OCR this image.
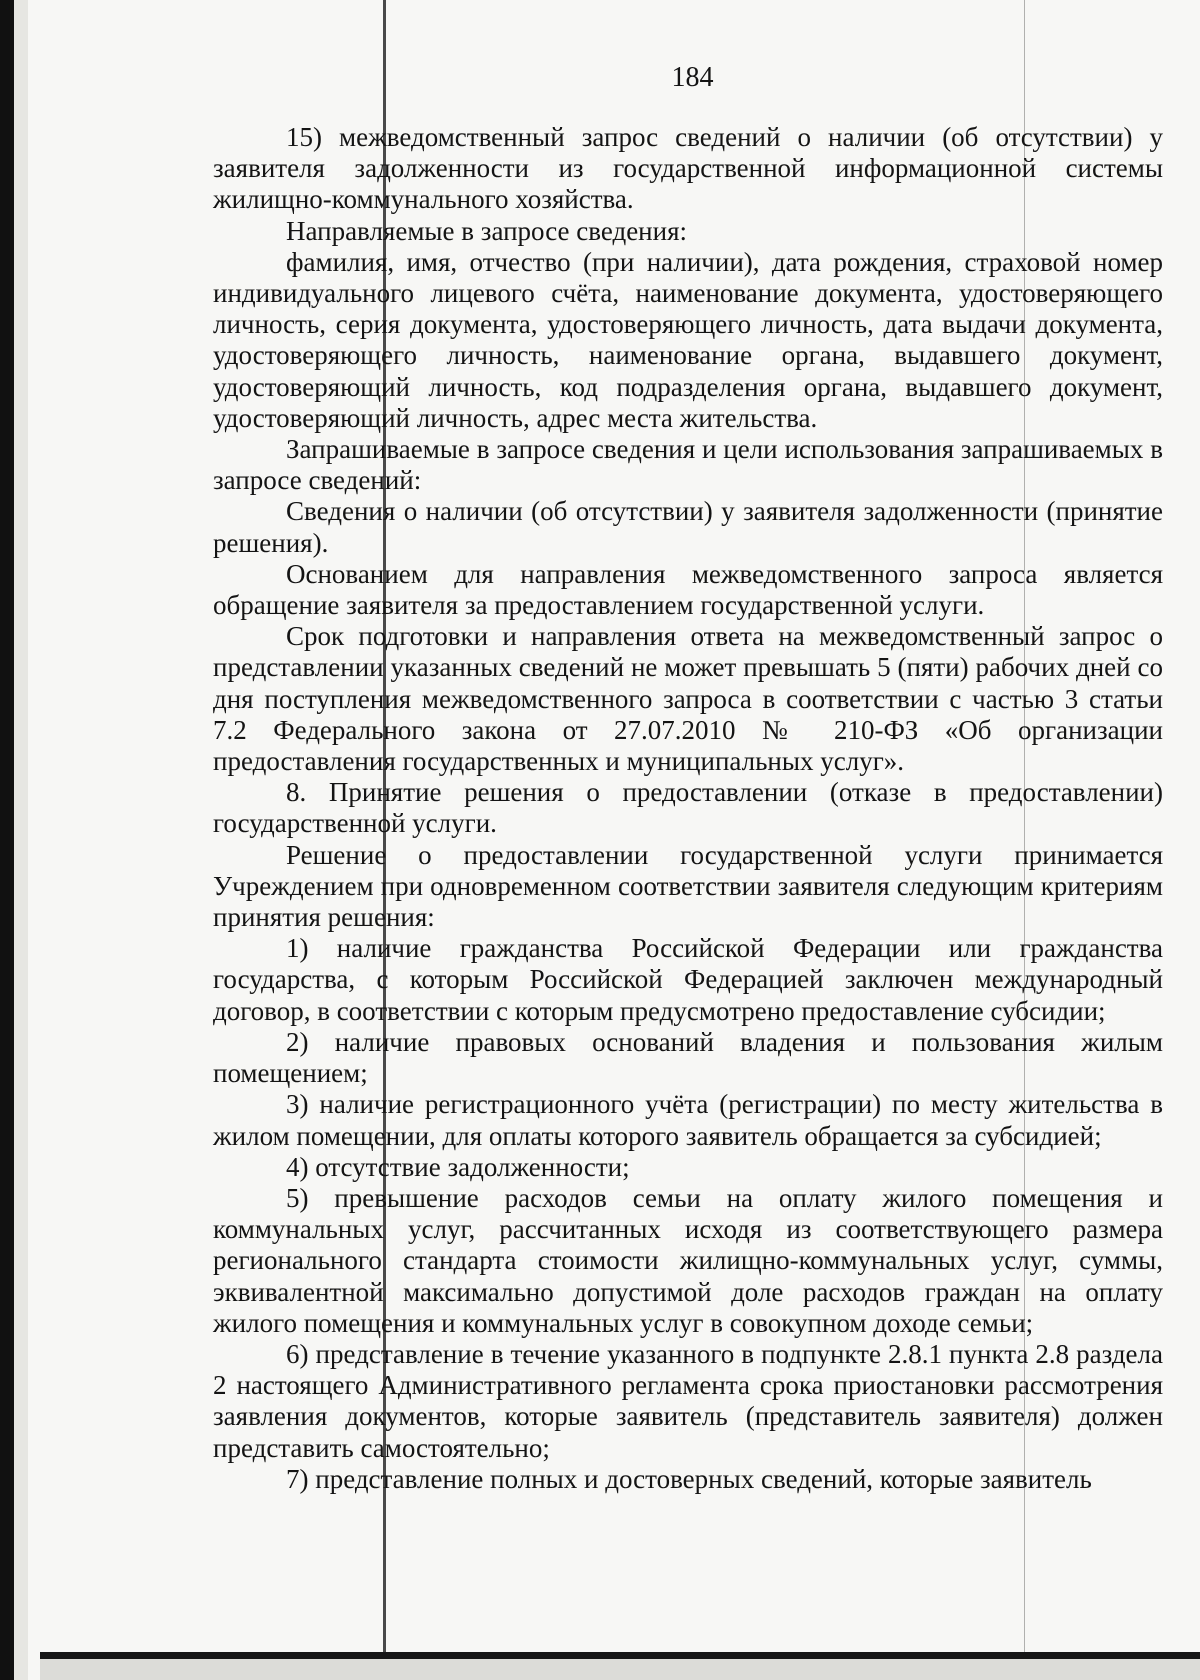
184

15) межведомственный запрос сведений о наличии (об отсутствии) у заявителя задолженности из государственной информационной системы жилищно-коммунального хозяйства.

Направляемые в запросе сведения:

фамилия, имя, отчество (при наличии), дата рождения, страховой номер индивидуального лицевого счёта, наименование документа, удостоверяющего личность, серия документа, удостоверяющего личность, дата выдачи документа, удостоверяющего личность, наименование органа, выдавшего документ, удостоверяющий личность, код подразделения органа, выдавшего документ, удостоверяющий личность, адрес места жительства.

Запрашиваемые в запросе сведения и цели использования запрашиваемых в запросе сведений:

Сведения о наличии (об отсутствии) у заявителя задолженности (принятие решения).

Основанием для направления межведомственного запроса является обращение заявителя за предоставлением государственной услуги.

Срок подготовки и направления ответа на межведомственный запрос о представлении указанных сведений не может превышать 5 (пяти) рабочих дней со дня поступления межведомственного запроса в соответствии с частью 3 статьи 7.2 Федерального закона от 27.07.2010 № 210-ФЗ «Об организации предоставления государственных и муниципальных услуг».

8. Принятие решения о предоставлении (отказе в предоставлении) государственной услуги.

Решение о предоставлении государственной услуги принимается Учреждением при одновременном соответствии заявителя следующим критериям принятия решения:

1) наличие гражданства Российской Федерации или гражданства государства, с которым Российской Федерацией заключен международный договор, в соответствии с которым предусмотрено предоставление субсидии;

2) наличие правовых оснований владения и пользования жилым помещением;

3) наличие регистрационного учёта (регистрации) по месту жительства в жилом помещении, для оплаты которого заявитель обращается за субсидией;

4) отсутствие задолженности;

5) превышение расходов семьи на оплату жилого помещения и коммунальных услуг, рассчитанных исходя из соответствующего размера регионального стандарта стоимости жилищно-коммунальных услуг, суммы, эквивалентной максимально допустимой доле расходов граждан на оплату жилого помещения и коммунальных услуг в совокупном доходе семьи;

6) представление в течение указанного в подпункте 2.8.1 пункта 2.8 раздела 2 настоящего Административного регламента срока приостановки рассмотрения заявления документов, которые заявитель (представитель заявителя) должен представить самостоятельно;

7) представление полных и достоверных сведений, которые заявитель
